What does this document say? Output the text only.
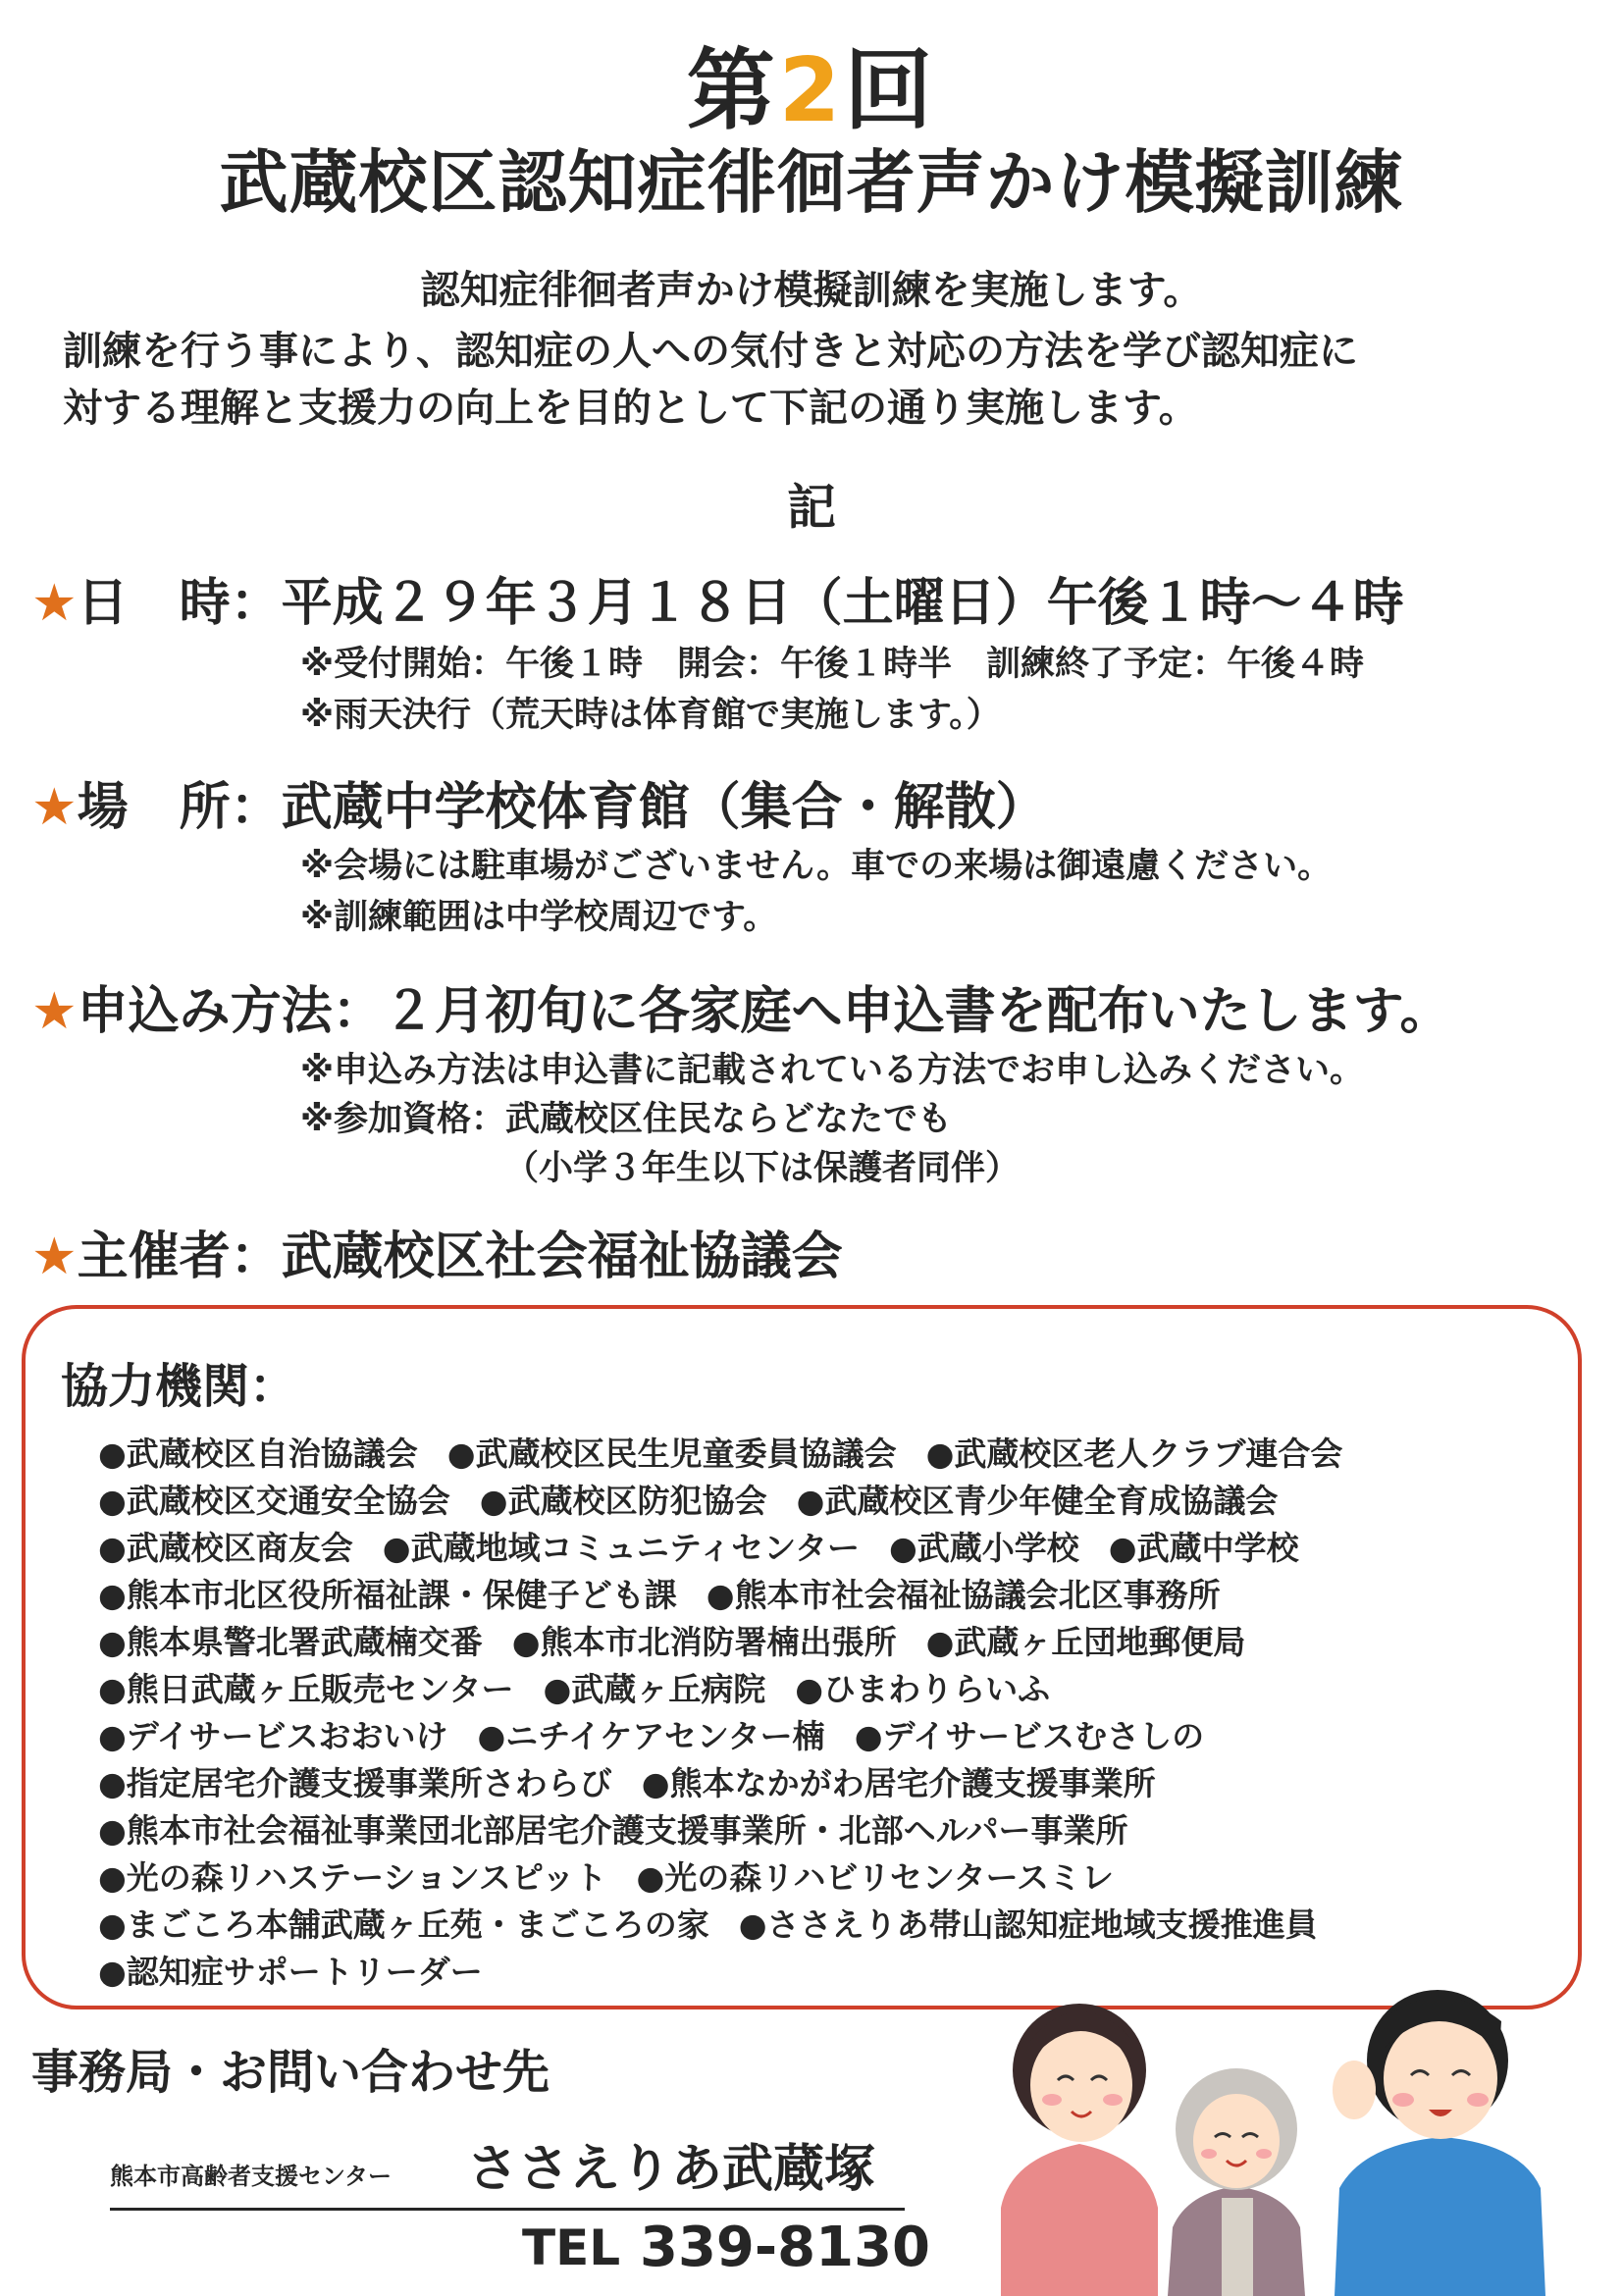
第2回
武蔵校区認知症徘徊者声かけ模擬訓練
認知症徘徊者声かけ模擬訓練を実施します。
訓練を行う事により、認知症の人への気付きと対応の方法を学び認知症に
対する理解と支援力の向上を目的として下記の通り実施します。
記
★日　時：平成２９年３月１８日（土曜日）午後１時～４時
※受付開始：午後１時　開会：午後１時半　訓練終了予定：午後４時
※雨天決行（荒天時は体育館で実施します。）
★場　所：武蔵中学校体育館（集合・解散）
※会場には駐車場がございません。車での来場は御遠慮ください。
※訓練範囲は中学校周辺です。
★申込み方法：２月初旬に各家庭へ申込書を配布いたします。
※申込み方法は申込書に記載されている方法でお申し込みください。
※参加資格：武蔵校区住民ならどなたでも
（小学３年生以下は保護者同伴）
★主催者：武蔵校区社会福祉協議会
協力機関：
●武蔵校区自治協議会 ●武蔵校区民生児童委員協議会 ●武蔵校区老人クラブ連合会
●武蔵校区交通安全協会 ●武蔵校区防犯協会 ●武蔵校区青少年健全育成協議会
●武蔵校区商友会 ●武蔵地域コミュニティセンター ●武蔵小学校 ●武蔵中学校
●熊本市北区役所福祉課・保健子ども課 ●熊本市社会福祉協議会北区事務所
●熊本県警北署武蔵楠交番 ●熊本市北消防署楠出張所 ●武蔵ヶ丘団地郵便局
●熊日武蔵ヶ丘販売センター ●武蔵ヶ丘病院 ●ひまわりらいふ
●デイサービスおおいけ ●ニチイケアセンター楠 ●デイサービスむさしの
●指定居宅介護支援事業所さわらび ●熊本なかがわ居宅介護支援事業所
●熊本市社会福祉事業団北部居宅介護支援事業所・北部ヘルパー事業所
●光の森リハステーションスピット ●光の森リハビリセンタースミレ
●まごころ本舗武蔵ヶ丘苑・まごころの家 ●ささえりあ帯山認知症地域支援推進員
●認知症サポートリーダー
事務局・お問い合わせ先
熊本市高齢者支援センター ささえりあ武蔵塚
TEL 339-8130
